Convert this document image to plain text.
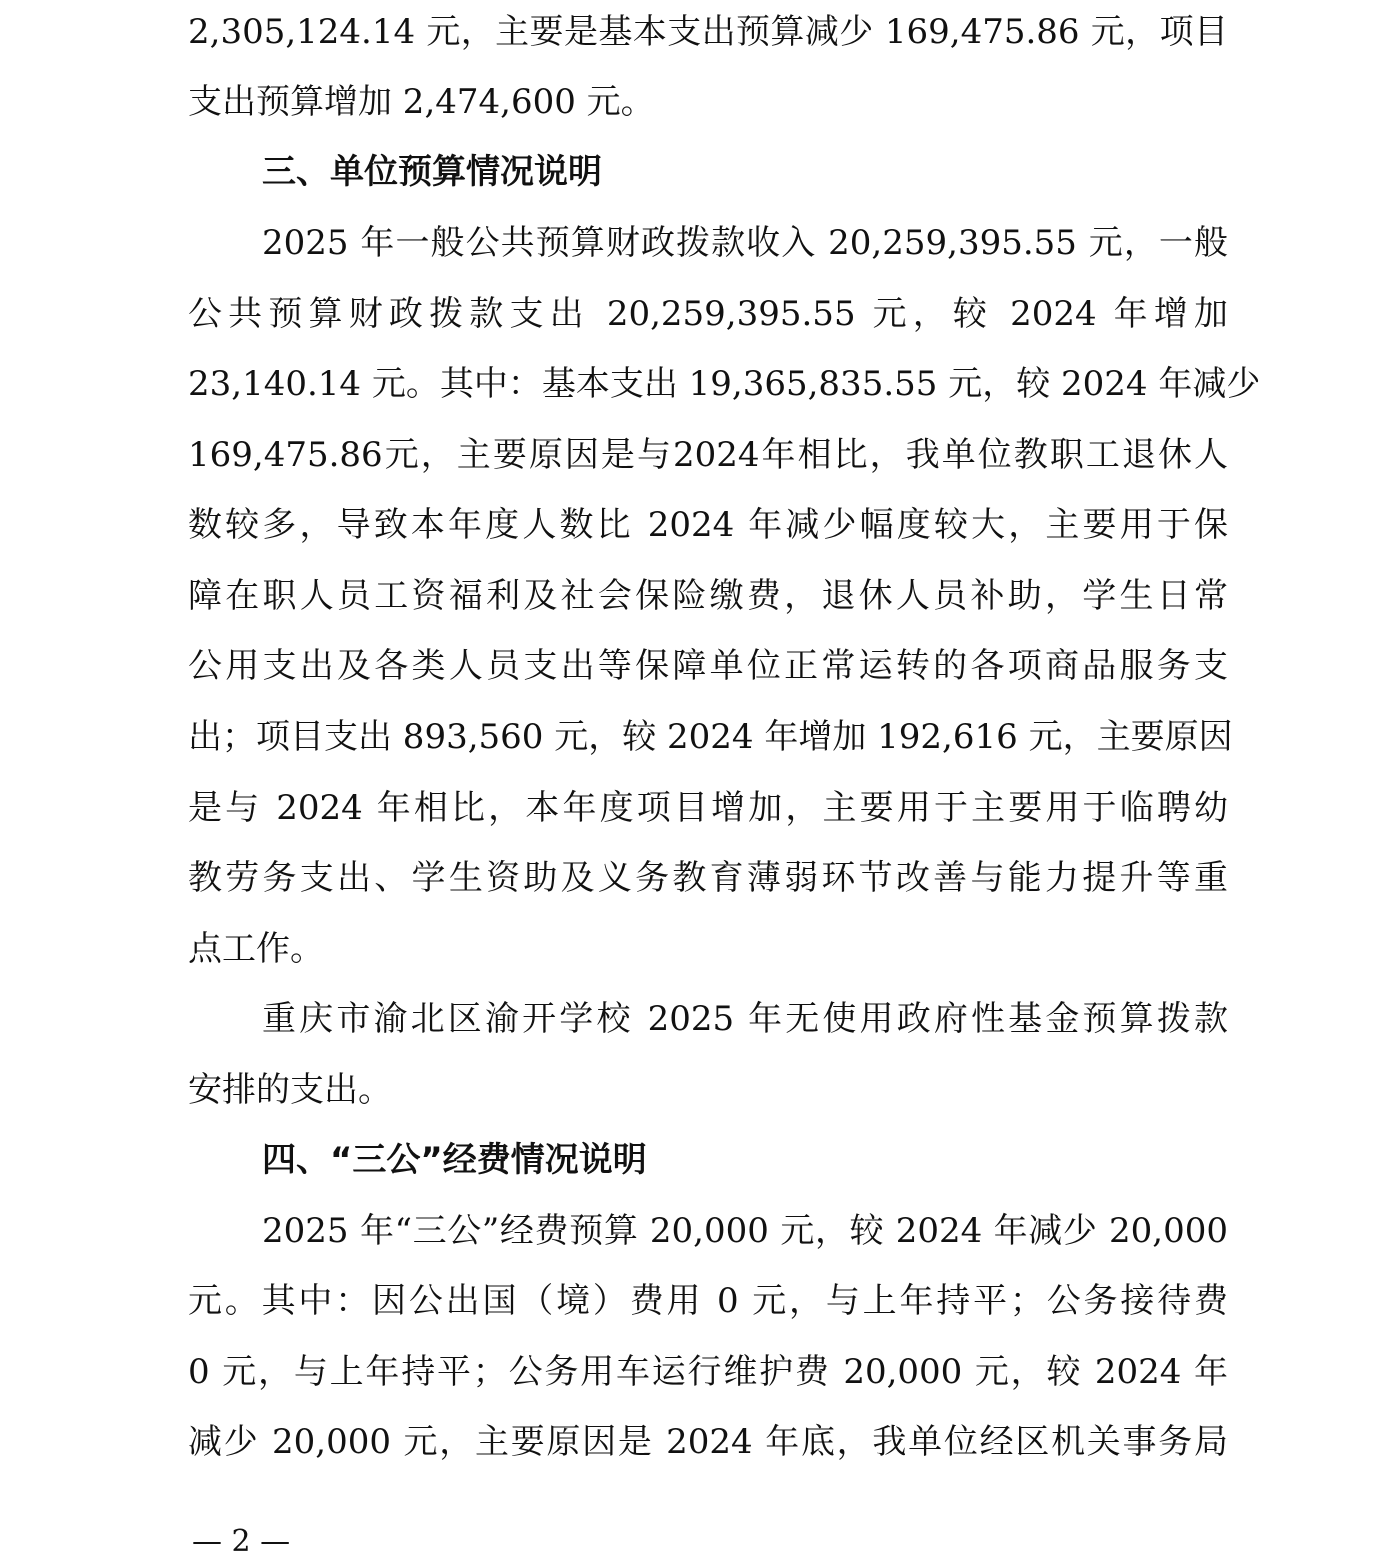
2,305,124.14 元，主要是基本支出预算减少 169,475.86 元，项目
支出预算增加 2,474,600 元。
三、单位预算情况说明
2025 年一般公共预算财政拨款收入 20,259,395.55 元，一般
公共预算财政拨款支出 20,259,395.55 元，较 2024 年增加
23,140.14 元。其中：基本支出 19,365,835.55 元，较 2024 年减少
169,475.86元，主要原因是与2024年相比，我单位教职工退休人
数较多，导致本年度人数比 2024 年减少幅度较大，主要用于保
障在职人员工资福利及社会保险缴费，退休人员补助，学生日常
公用支出及各类人员支出等保障单位正常运转的各项商品服务支
出；项目支出 893,560 元，较 2024 年增加 192,616 元，主要原因
是与 2024 年相比，本年度项目增加，主要用于主要用于临聘幼
教劳务支出、学生资助及义务教育薄弱环节改善与能力提升等重
点工作。
重庆市渝北区渝开学校 2025 年无使用政府性基金预算拨款
安排的支出。
四、“三公”经费情况说明
2025 年“三公”经费预算 20,000 元，较 2024 年减少 20,000
元。其中：因公出国（境）费用 0 元，与上年持平；公务接待费
0 元，与上年持平；公务用车运行维护费 20,000 元，较 2024 年
减少 20,000 元，主要原因是 2024 年底，我单位经区机关事务局
— 2 —
